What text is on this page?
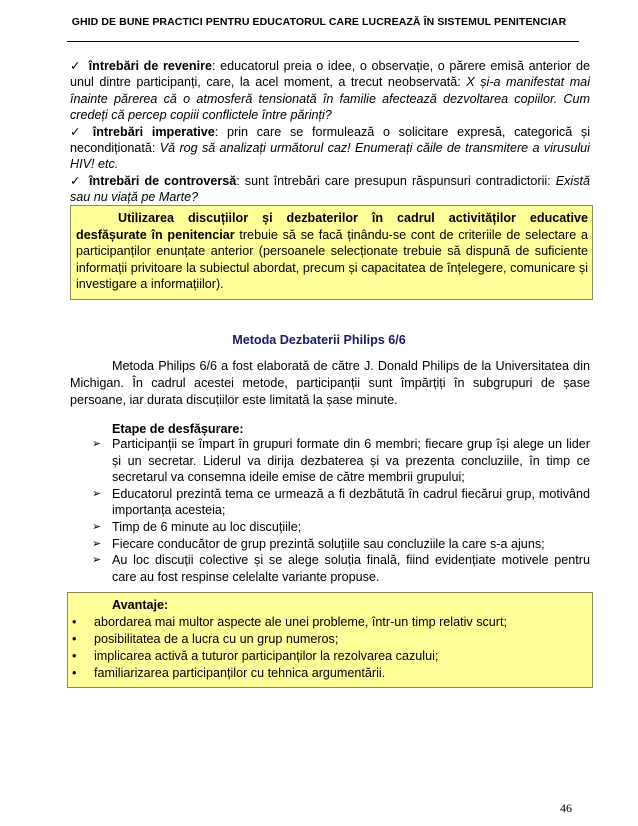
GHID DE BUNE PRACTICI PENTRU EDUCATORUL CARE LUCREAZĂ ÎN SISTEMUL PENITENCIAR
✓ întrebări de revenire: educatorul preia o idee, o observație, o părere emisă anterior de unul dintre participanți, care, la acel moment, a trecut neobservată: X și-a manifestat mai înainte părerea că o atmosferă tensionată în familie afectează dezvoltarea copiilor. Cum credeți că percep copiii conflictele între părinți?
✓ întrebări imperative: prin care se formulează o solicitare expresă, categorică și necondiționată: Vă rog să analizați următorul caz! Enumerați căile de transmitere a virusului HIV! etc.
✓ întrebări de controversă: sunt întrebări care presupun răspunsuri contradictorii: Există sau nu viață pe Marte?

Utilizarea discuțiilor și dezbaterilor în cadrul activităților educative desfășurate în penitenciar trebuie să se facă ținându-se cont de criteriile de selectare a participanților enunțate anterior (persoanele selecționate trebuie să dispună de suficiente informații privitoare la subiectul abordat, precum și capacitatea de înțelegere, comunicare și investigare a informațiilor).

Metoda Dezbaterii Philips 6/6
Metoda Philips 6/6 a fost elaborată de către J. Donald Philips de la Universitatea din Michigan. În cadrul acestei metode, participanții sunt împărțiți în subgrupuri de șase persoane, iar durata discuțiilor este limitată la șase minute.
Etape de desfășurare:
➢ Participanții se împart în grupuri formate din 6 membri; fiecare grup își alege un lider și un secretar. Liderul va dirija dezbaterea și va prezenta concluziile, în timp ce secretarul va consemna ideile emise de către membrii grupului;
➢ Educatorul prezintă tema ce urmează a fi dezbătută în cadrul fiecărui grup, motivând importanța acesteia;
➢ Timp de 6 minute au loc discuțiile;
➢ Fiecare conducător de grup prezintă soluțiile sau concluziile la care s-a ajuns;
➢ Au loc discuții colective și se alege soluția finală, fiind evidențiate motivele pentru care au fost respinse celelalte variante propuse.
Avantaje:
• abordarea mai multor aspecte ale unei probleme, într-un timp relativ scurt;
• posibilitatea de a lucra cu un grup numeros;
• implicarea activă a tuturor participanților la rezolvarea cazului;
• familiarizarea participanților cu tehnica argumentării.
46
